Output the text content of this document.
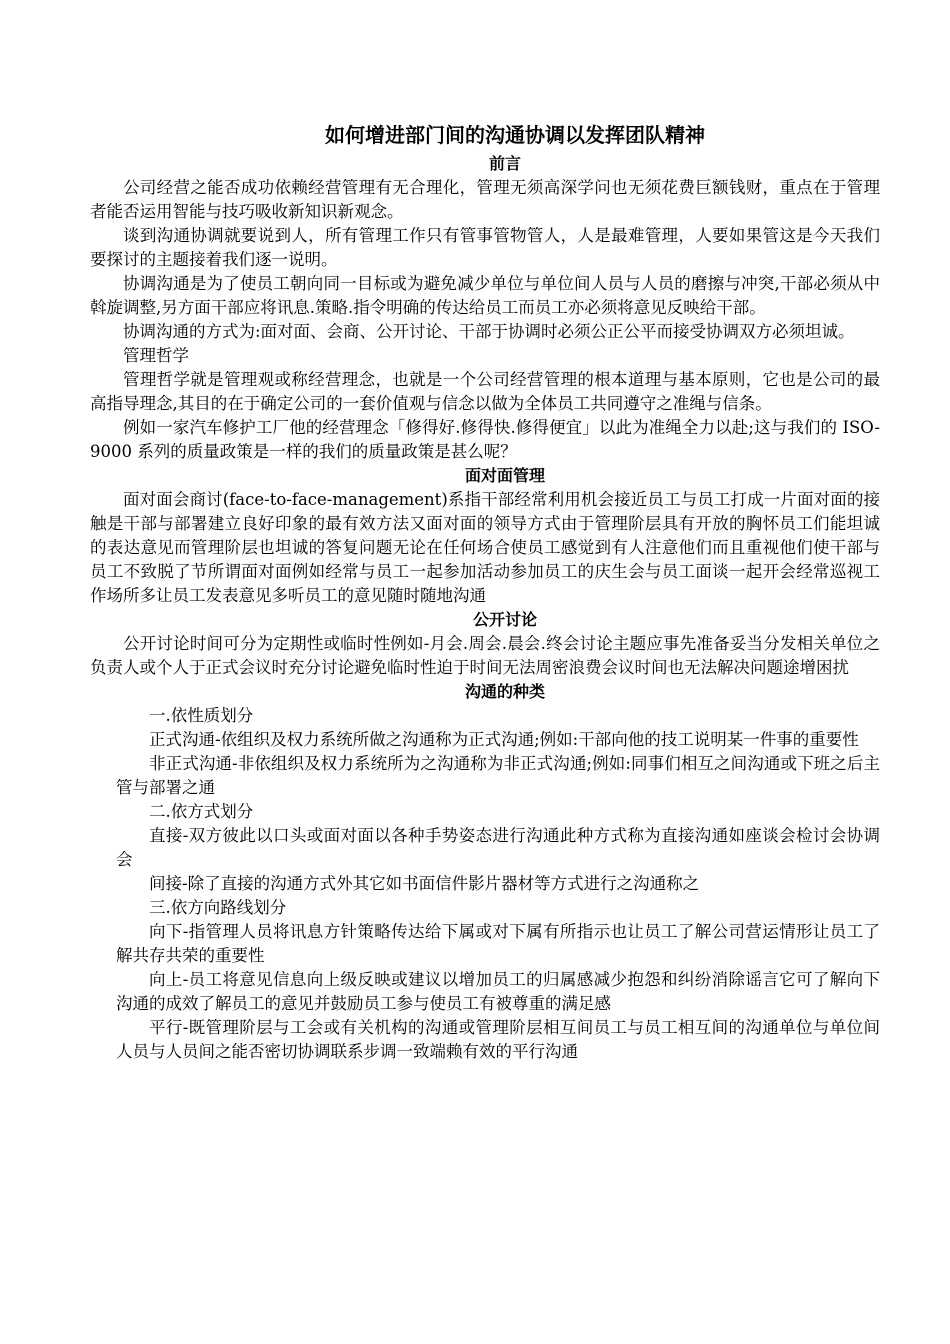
如何增进部门间的沟通协调以发挥团队精神
前言

公司经营之能否成功依赖经营管理有无合理化，管理无须高深学问也无须花费巨额钱财，重点在于管理者能否运用智能与技巧吸收新知识新观念。

谈到沟通协调就要说到人，所有管理工作只有管事管物管人，人是最难管理，人要如果管这是今天我们要探讨的主题接着我们逐一说明。

协调沟通是为了使员工朝向同一目标或为避免减少单位与单位间人员与人员的磨擦与冲突,干部必须从中斡旋调整,另方面干部应将讯息.策略.指令明确的传达给员工而员工亦必须将意见反映给干部。

协调沟通的方式为:面对面、会商、公开讨论、干部于协调时必须公正公平而接受协调双方必须坦诚。

管理哲学

管理哲学就是管理观或称经营理念，也就是一个公司经营管理的根本道理与基本原则，它也是公司的最高指导理念,其目的在于确定公司的一套价值观与信念以做为全体员工共同遵守之准绳与信条。

例如一家汽车修护工厂他的经营理念「修得好.修得快.修得便宜」以此为准绳全力以赴;这与我们的 ISO-9000 系列的质量政策是一样的我们的质量政策是甚么呢？

面对面管理

面对面会商讨(face-to-face-management)系指干部经常利用机会接近员工与员工打成一片面对面的接触是干部与部署建立良好印象的最有效方法又面对面的领导方式由于管理阶层具有开放的胸怀员工们能坦诚的表达意见而管理阶层也坦诚的答复问题无论在任何场合使员工感觉到有人注意他们而且重视他们使干部与员工不致脱了节所谓面对面例如经常与员工一起参加活动参加员工的庆生会与员工面谈一起开会经常巡视工作场所多让员工发表意见多听员工的意见随时随地沟通

公开讨论

公开讨论时间可分为定期性或临时性例如-月会.周会.晨会.终会讨论主题应事先准备妥当分发相关单位之负责人或个人于正式会议时充分讨论避免临时性迫于时间无法周密浪费会议时间也无法解决问题途增困扰

沟通的种类

一.依性质划分

正式沟通-依组织及权力系统所做之沟通称为正式沟通;例如:干部向他的技工说明某一件事的重要性

非正式沟通-非依组织及权力系统所为之沟通称为非正式沟通;例如:同事们相互之间沟通或下班之后主管与部署之通

二.依方式划分

直接-双方彼此以口头或面对面以各种手势姿态进行沟通此种方式称为直接沟通如座谈会检讨会协调会

间接-除了直接的沟通方式外其它如书面信件影片器材等方式进行之沟通称之

三.依方向路线划分

向下-指管理人员将讯息方针策略传达给下属或对下属有所指示也让员工了解公司营运情形让员工了解共存共荣的重要性

向上-员工将意见信息向上级反映或建议以增加员工的归属感减少抱怨和纠纷消除谣言它可了解向下沟通的成效了解员工的意见并鼓励员工参与使员工有被尊重的满足感

平行-既管理阶层与工会或有关机构的沟通或管理阶层相互间员工与员工相互间的沟通单位与单位间人员与人员间之能否密切协调联系步调一致端赖有效的平行沟通
